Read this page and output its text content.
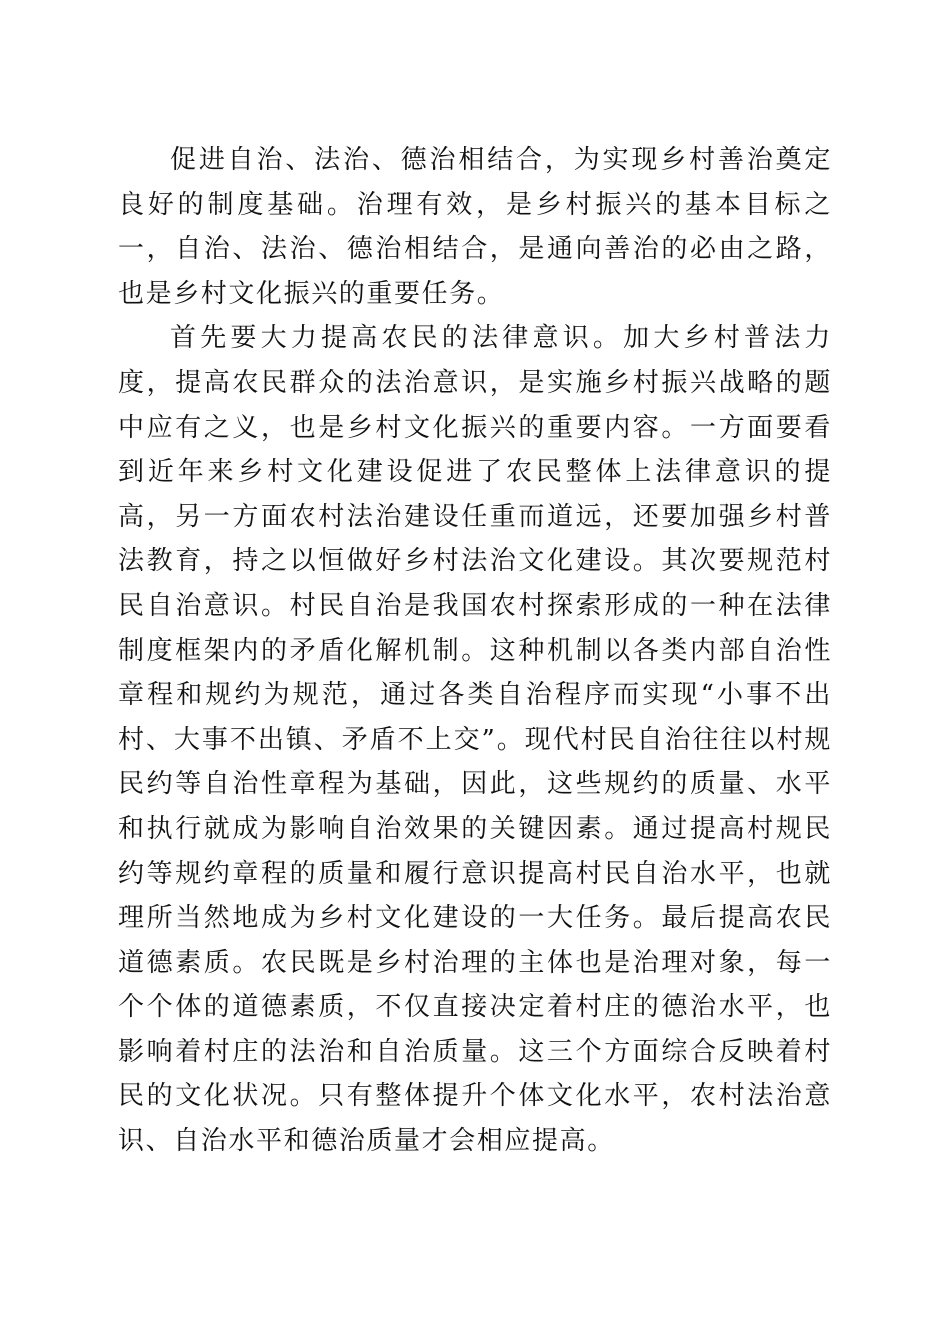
促进自治、法治、德治相结合，为实现乡村善治奠定良好的制度基础。治理有效，是乡村振兴的基本目标之一，自治、法治、德治相结合，是通向善治的必由之路，也是乡村文化振兴的重要任务。

首先要大力提高农民的法律意识。加大乡村普法力度，提高农民群众的法治意识，是实施乡村振兴战略的题中应有之义，也是乡村文化振兴的重要内容。一方面要看到近年来乡村文化建设促进了农民整体上法律意识的提高，另一方面农村法治建设任重而道远，还要加强乡村普法教育，持之以恒做好乡村法治文化建设。其次要规范村民自治意识。村民自治是我国农村探索形成的一种在法律制度框架内的矛盾化解机制。这种机制以各类内部自治性章程和规约为规范，通过各类自治程序而实现“小事不出村、大事不出镇、矛盾不上交”。现代村民自治往往以村规民约等自治性章程为基础，因此，这些规约的质量、水平和执行就成为影响自治效果的关键因素。通过提高村规民约等规约章程的质量和履行意识提高村民自治水平，也就理所当然地成为乡村文化建设的一大任务。最后提高农民道德素质。农民既是乡村治理的主体也是治理对象，每一个个体的道德素质，不仅直接决定着村庄的德治水平，也影响着村庄的法治和自治质量。这三个方面综合反映着村民的文化状况。只有整体提升个体文化水平，农村法治意识、自治水平和德治质量才会相应提高。
